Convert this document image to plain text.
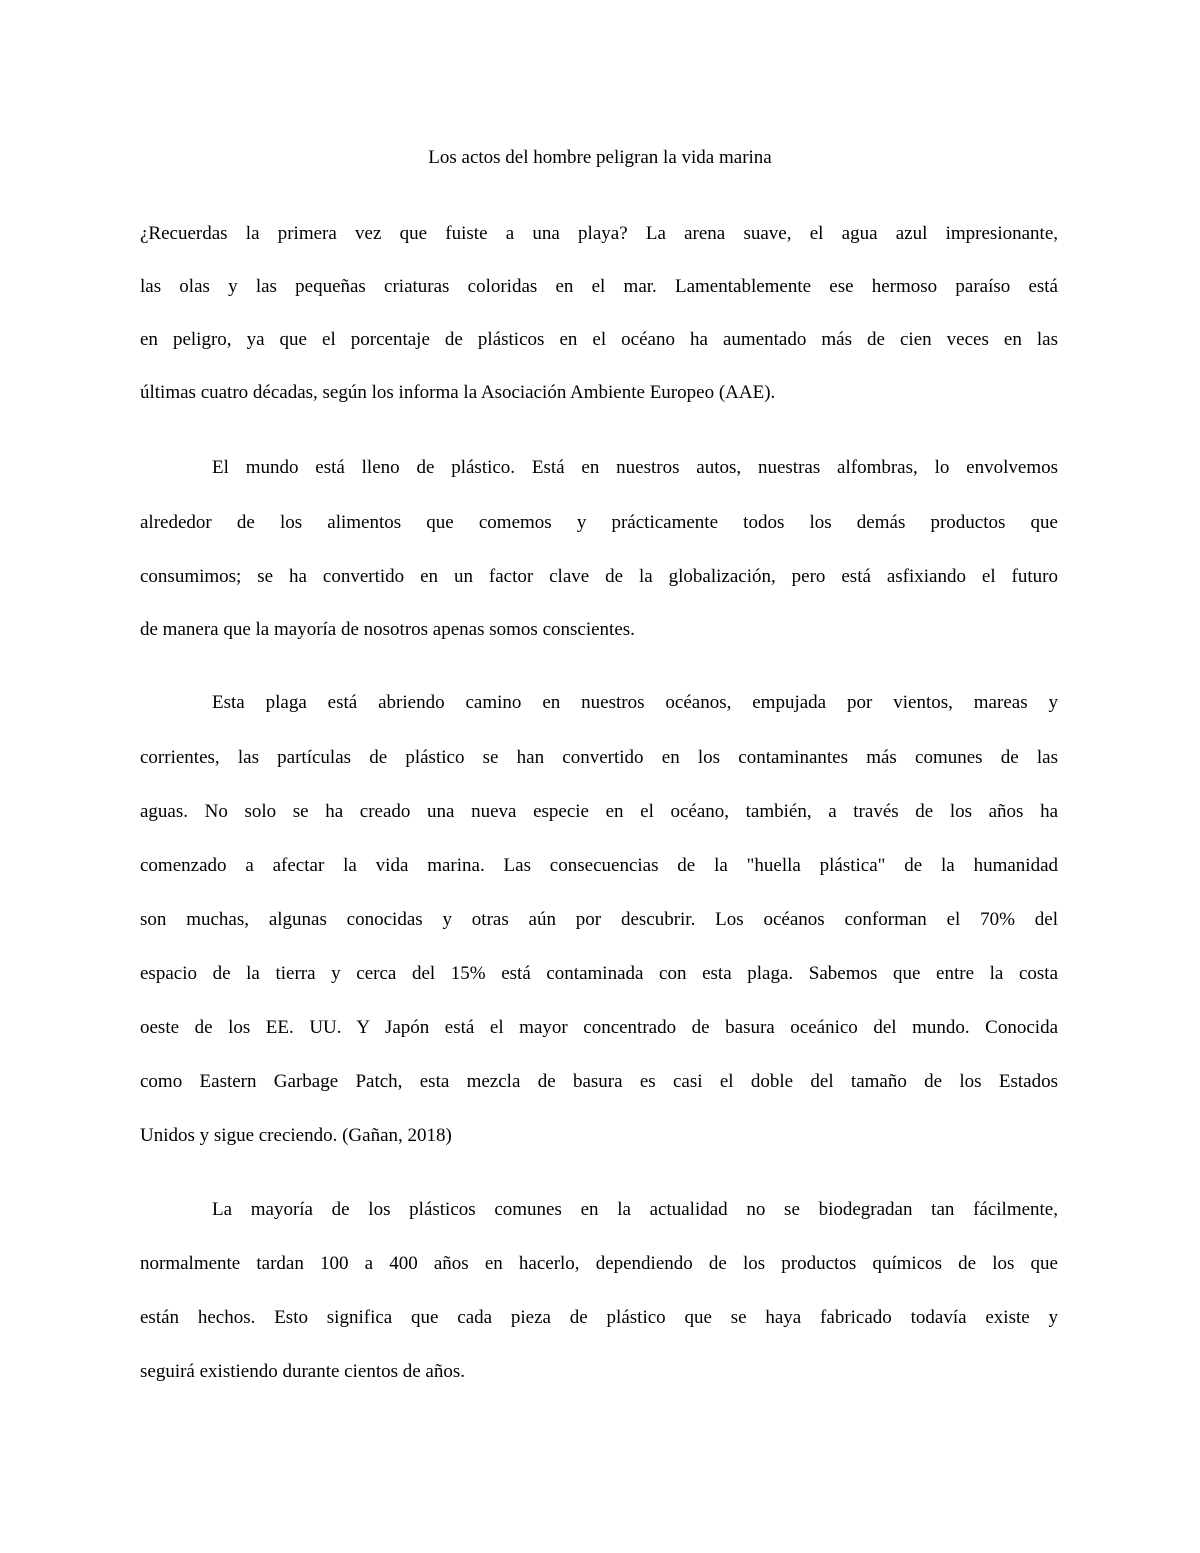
Los actos del hombre peligran la vida marina
¿Recuerdas la primera vez que fuiste a una playa? La arena suave, el agua azul impresionante,
las olas y las pequeñas criaturas coloridas en el mar. Lamentablemente ese hermoso paraíso está
en peligro, ya que el porcentaje de plásticos en el océano ha aumentado más de cien veces en las
últimas cuatro décadas, según los informa la Asociación Ambiente Europeo (AAE).
El mundo está lleno de plástico. Está en nuestros autos, nuestras alfombras, lo envolvemos
alrededor de los alimentos que comemos y prácticamente todos los demás productos que
consumimos; se ha convertido en un factor clave de la globalización, pero está asfixiando el futuro
de manera que la mayoría de nosotros apenas somos conscientes.
Esta plaga está abriendo camino en nuestros océanos, empujada por vientos, mareas y
corrientes, las partículas de plástico se han convertido en los contaminantes más comunes de las
aguas. No solo se ha creado una nueva especie en el océano, también, a través de los años ha
comenzado a afectar la vida marina. Las consecuencias de la "huella plástica" de la humanidad
son muchas, algunas conocidas y otras aún por descubrir. Los océanos conforman el 70% del
espacio de la tierra y cerca del 15% está contaminada con esta plaga. Sabemos que entre la costa
oeste de los EE. UU. Y Japón está el mayor concentrado de basura oceánico del mundo. Conocida
como Eastern Garbage Patch, esta mezcla de basura es casi el doble del tamaño de los Estados
Unidos y sigue creciendo. (Gañan, 2018)
La mayoría de los plásticos comunes en la actualidad no se biodegradan tan fácilmente,
normalmente tardan 100 a 400 años en hacerlo, dependiendo de los productos químicos de los que
están hechos. Esto significa que cada pieza de plástico que se haya fabricado todavía existe y
seguirá existiendo durante cientos de años.
